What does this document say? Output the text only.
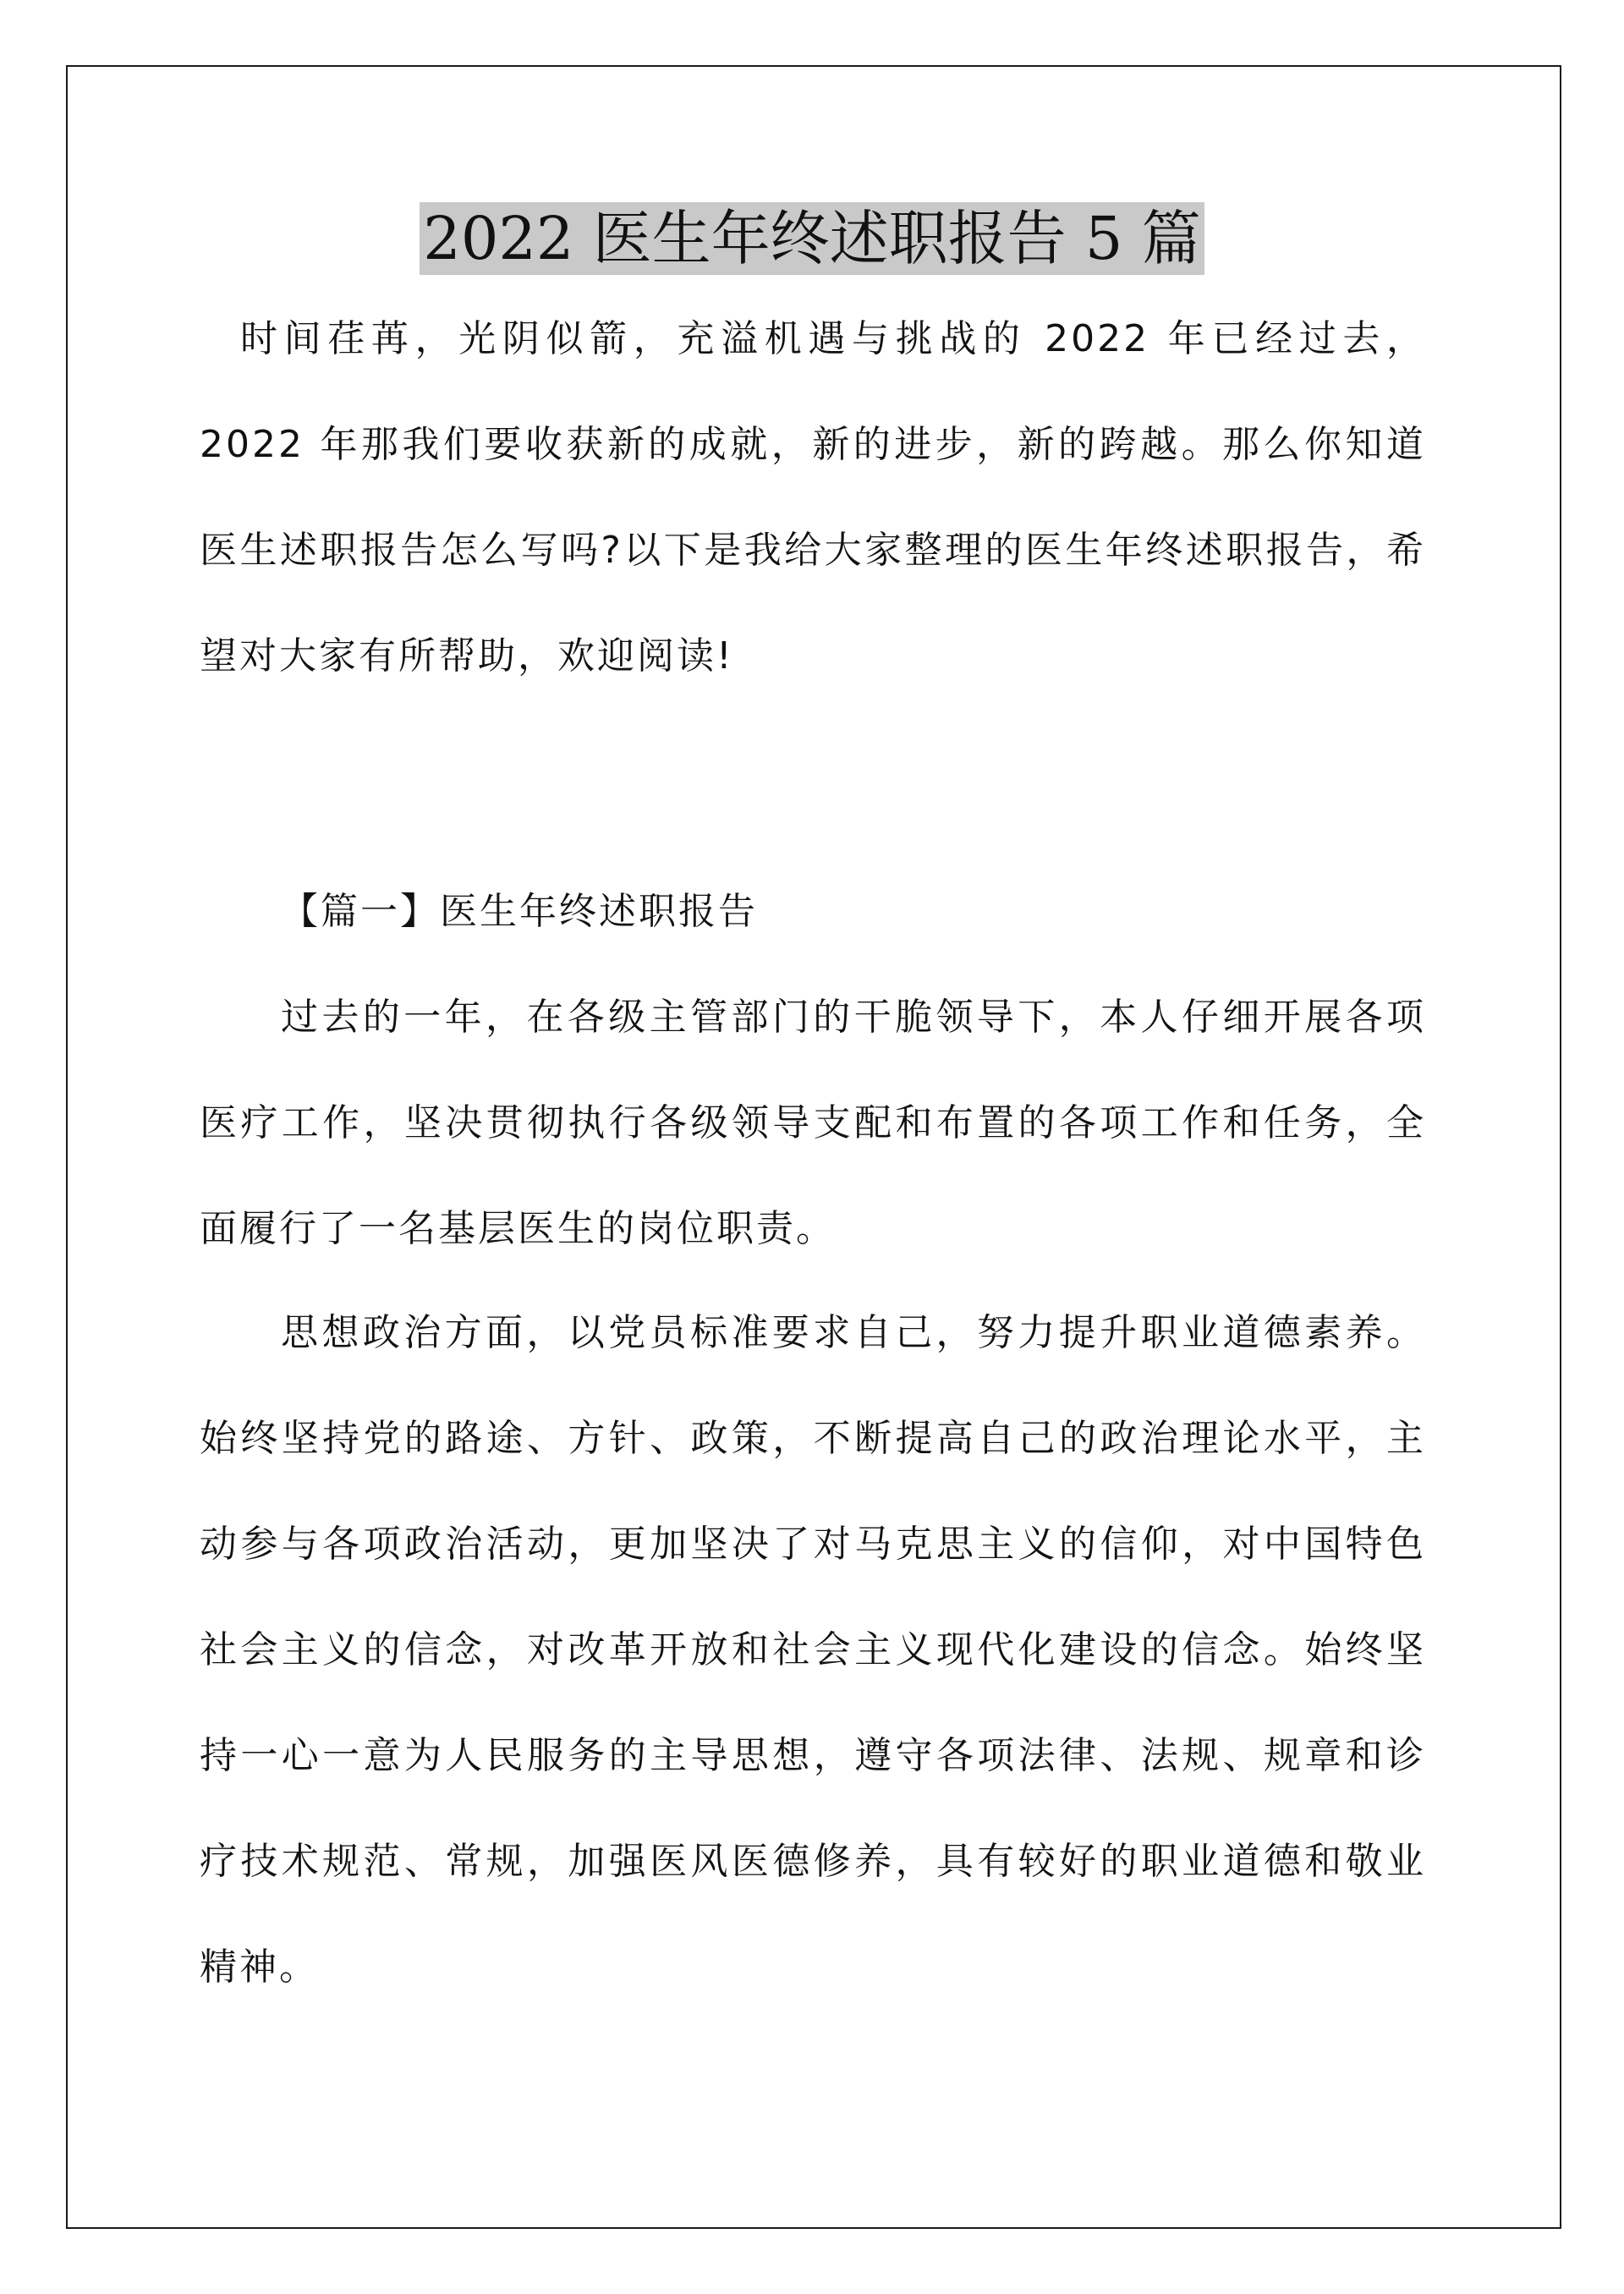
2022 医生年终述职报告 5 篇

时间荏苒，光阴似箭，充溢机遇与挑战的 2022 年已经过去，2022 年那我们要收获新的成就，新的进步，新的跨越。那么你知道医生述职报告怎么写吗?以下是我给大家整理的医生年终述职报告，希望对大家有所帮助，欢迎阅读!

【篇一】医生年终述职报告

过去的一年，在各级主管部门的干脆领导下，本人仔细开展各项医疗工作，坚决贯彻执行各级领导支配和布置的各项工作和任务，全面履行了一名基层医生的岗位职责。

思想政治方面，以党员标准要求自己，努力提升职业道德素养。始终坚持党的路途、方针、政策，不断提高自己的政治理论水平，主动参与各项政治活动，更加坚决了对马克思主义的信仰，对中国特色社会主义的信念，对改革开放和社会主义现代化建设的信念。始终坚持一心一意为人民服务的主导思想，遵守各项法律、法规、规章和诊疗技术规范、常规，加强医风医德修养，具有较好的职业道德和敬业精神。
